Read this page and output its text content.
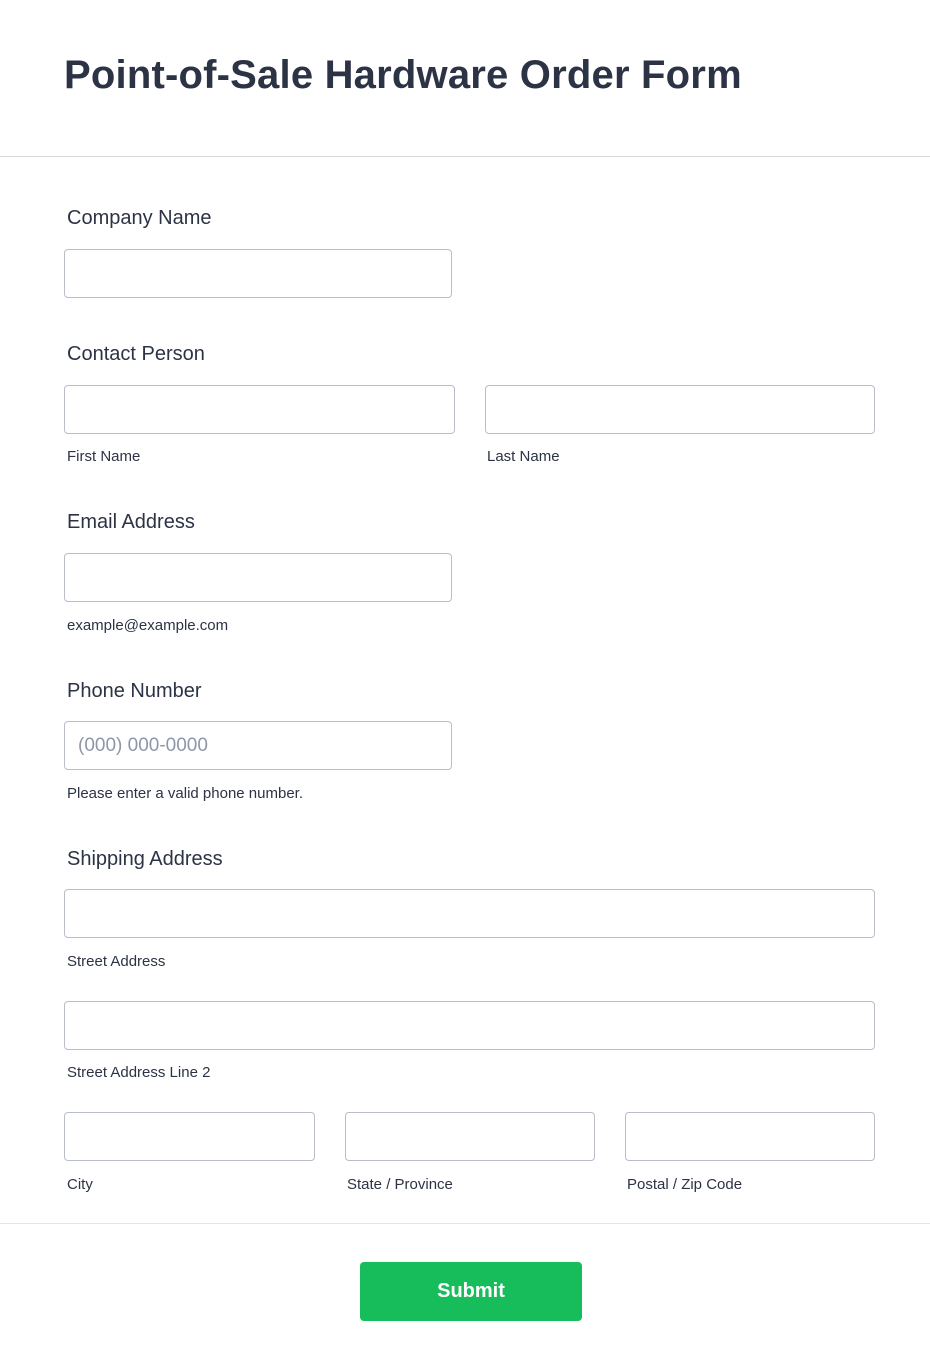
Point-of-Sale Hardware Order Form
Company Name
Contact Person
First Name	Last Name
Email Address
example@example.com
Phone Number
(000) 000-0000
Please enter a valid phone number.
Shipping Address
Street Address
Street Address Line 2
City	State / Province	Postal / Zip Code
Submit
